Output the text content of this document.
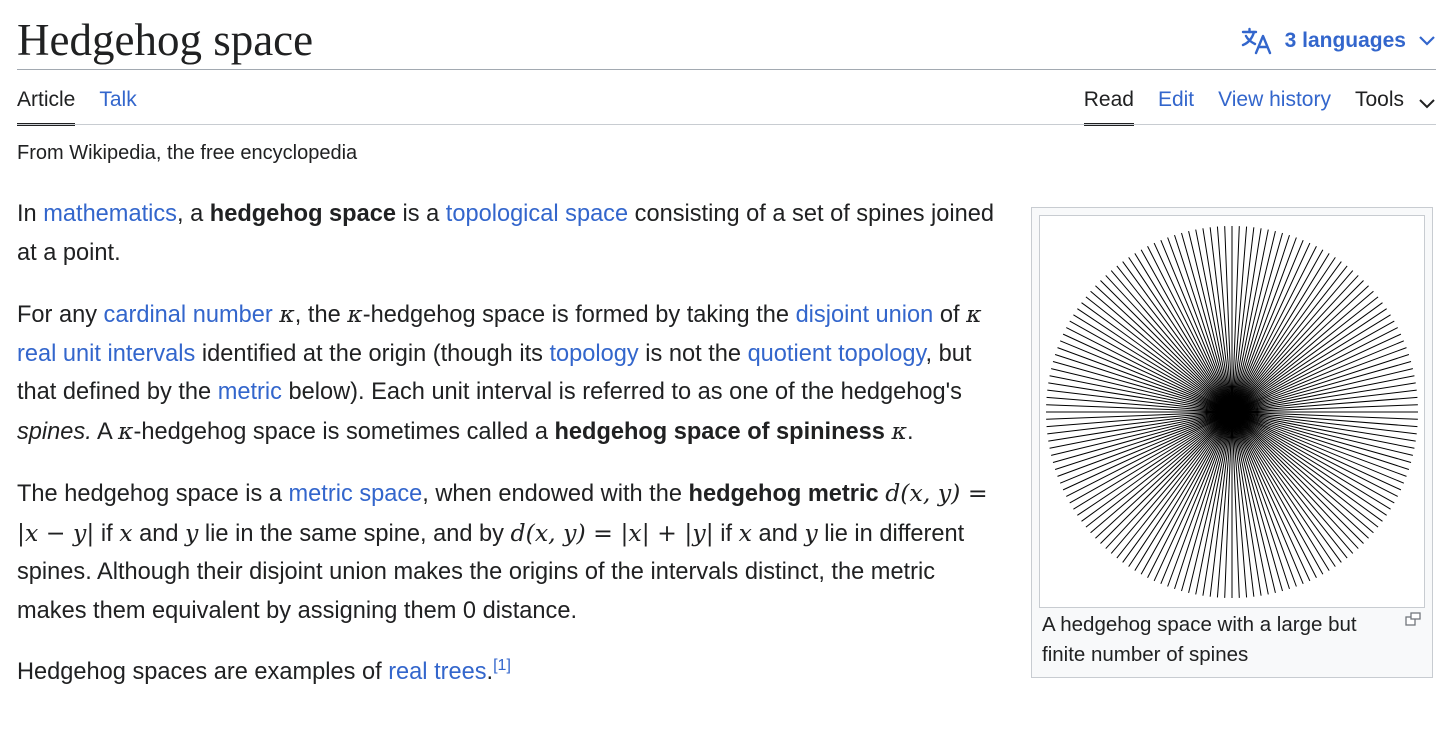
Hedgehog space	3 languages
Article Talk	Read Edit View history Tools
From Wikipedia, the free encyclopedia

In mathematics, a hedgehog space is a topological space consisting of a set of spines joined at a point.

For any cardinal number κ, the κ-hedgehog space is formed by taking the disjoint union of κ real unit intervals identified at the origin (though its topology is not the quotient topology, but that defined by the metric below). Each unit interval is referred to as one of the hedgehog's spines. A κ-hedgehog space is sometimes called a hedgehog space of spininess κ.

The hedgehog space is a metric space, when endowed with the hedgehog metric d(x, y) = |x − y| if x and y lie in the same spine, and by d(x, y) = |x| + |y| if x and y lie in different spines. Although their disjoint union makes the origins of the intervals distinct, the metric makes them equivalent by assigning them 0 distance.

Hedgehog spaces are examples of real trees.[1]

A hedgehog space with a large but finite number of spines
